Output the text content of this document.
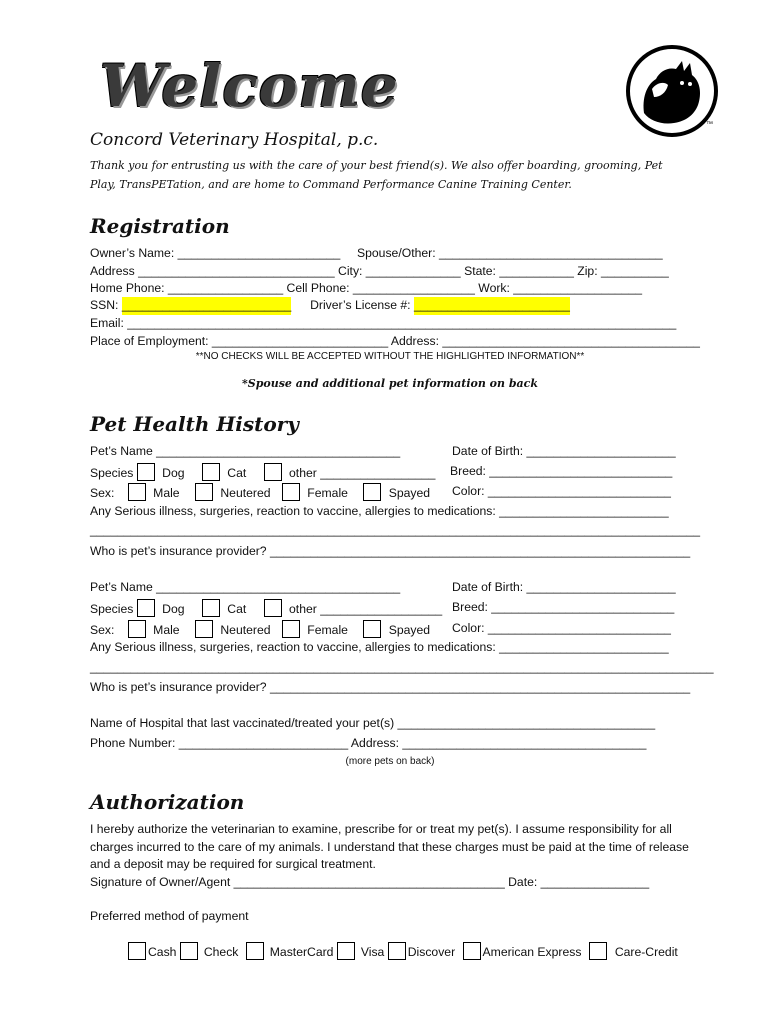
Welcome
™
Concord Veterinary Hospital, p.c.
Thank you for entrusting us with the care of your best friend(s). We also offer boarding, grooming, Pet Play, TransPETation, and are home to Command Performance Canine Training Center.
Registration
Owner’s Name: ________________________ Spouse/Other: _________________________________
Address _____________________________ City: ______________ State: ___________ Zip: __________
Home Phone: _________________ Cell Phone: __________________ Work: ___________________
SSN: _________________________ Driver’s License #: _______________________
Email: _________________________________________________________________________________
Place of Employment: __________________________ Address: ______________________________________
**NO CHECKS WILL BE ACCEPTED WITHOUT THE HIGHLIGHTED INFORMATION**
*Spouse and additional pet information on back
Pet Health History
Pet’s Name ____________________________________	Date of Birth: ______________________
Species Dog	Cat	other _________________ Breed: ___________________________
Sex:	Male	Neutered	Female	Spayed Color: ___________________________
Any Serious illness, surgeries, reaction to vaccine, allergies to medications: _________________________
__________________________________________________________________________________________
Who is pet’s insurance provider? ______________________________________________________________
Pet’s Name ____________________________________	Date of Birth: ______________________
Species Dog	Cat	other __________________ Breed: ___________________________
Sex:	Male	Neutered	Female	Spayed Color: ___________________________
Any Serious illness, surgeries, reaction to vaccine, allergies to medications: _________________________
____________________________________________________________________________________________
Who is pet’s insurance provider? ______________________________________________________________
Name of Hospital that last vaccinated/treated your pet(s) ______________________________________
Phone Number: _________________________ Address: ____________________________________
(more pets on back)
Authorization
I hereby authorize the veterinarian to examine, prescribe for or treat my pet(s). I assume responsibility for all charges incurred to the care of my animals. I understand that these charges must be paid at the time of release and a deposit may be required for surgical treatment.
Signature of Owner/Agent ________________________________________ Date: ________________
Preferred method of payment
Cash Check	MasterCard Visa Discover American Express	Care-Credit
